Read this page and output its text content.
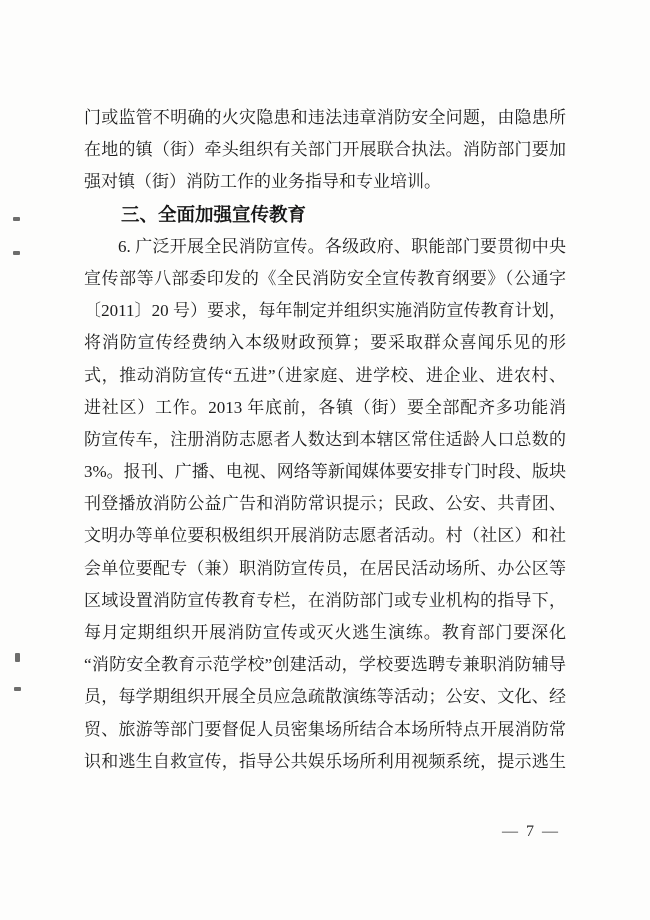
门或监管不明确的火灾隐患和违法违章消防安全问题，由隐患所
在地的镇（街）牵头组织有关部门开展联合执法。消防部门要加
强对镇（街）消防工作的业务指导和专业培训。
三、全面加强宣传教育
6. 广泛开展全民消防宣传。各级政府、职能部门要贯彻中央
宣传部等八部委印发的《全民消防安全宣传教育纲要》（公通字
〔2011〕20 号）要求，每年制定并组织实施消防宣传教育计划，
将消防宣传经费纳入本级财政预算；要采取群众喜闻乐见的形
式，推动消防宣传“五进”（进家庭、进学校、进企业、进农村、
进社区）工作。2013 年底前，各镇（街）要全部配齐多功能消
防宣传车，注册消防志愿者人数达到本辖区常住适龄人口总数的
3%。报刊、广播、电视、网络等新闻媒体要安排专门时段、版块
刊登播放消防公益广告和消防常识提示；民政、公安、共青团、
文明办等单位要积极组织开展消防志愿者活动。村（社区）和社
会单位要配专（兼）职消防宣传员，在居民活动场所、办公区等
区域设置消防宣传教育专栏，在消防部门或专业机构的指导下，
每月定期组织开展消防宣传或灭火逃生演练。教育部门要深化
“消防安全教育示范学校”创建活动，学校要选聘专兼职消防辅导
员，每学期组织开展全员应急疏散演练等活动；公安、文化、经
贸、旅游等部门要督促人员密集场所结合本场所特点开展消防常
识和逃生自救宣传，指导公共娱乐场所利用视频系统，提示逃生
— 7 —
